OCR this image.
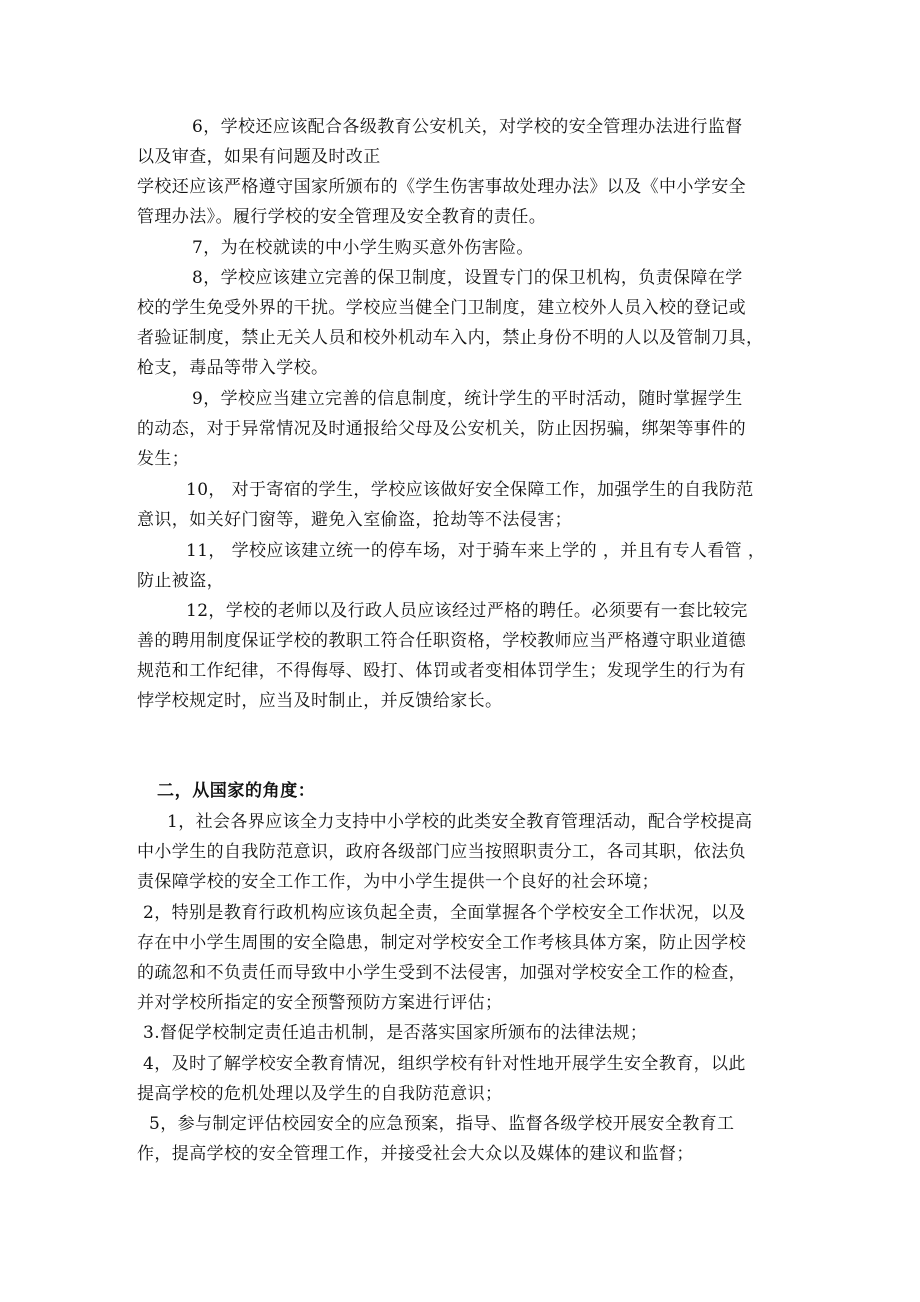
6，学校还应该配合各级教育公安机关，对学校的安全管理办法进行监督
以及审查，如果有问题及时改正
学校还应该严格遵守国家所颁布的《学生伤害事故处理办法》以及《中小学安全
管理办法》。履行学校的安全管理及安全教育的责任。
7，为在校就读的中小学生购买意外伤害险。
8，学校应该建立完善的保卫制度，设置专门的保卫机构，负责保障在学
校的学生免受外界的干扰。学校应当健全门卫制度，建立校外人员入校的登记或
者验证制度，禁止无关人员和校外机动车入内，禁止身份不明的人以及管制刀具，
枪支，毒品等带入学校。
9，学校应当建立完善的信息制度，统计学生的平时活动，随时掌握学生
的动态，对于异常情况及时通报给父母及公安机关，防止因拐骗，绑架等事件的
发生；
10， 对于寄宿的学生，学校应该做好安全保障工作，加强学生的自我防范
意识，如关好门窗等，避免入室偷盗，抢劫等不法侵害；
11， 学校应该建立统一的停车场，对于骑车来上学的 ，并且有专人看管 ，
防止被盗，
12，学校的老师以及行政人员应该经过严格的聘任。必须要有一套比较完
善的聘用制度保证学校的教职工符合任职资格，学校教师应当严格遵守职业道德
规范和工作纪律，不得侮辱、殴打、体罚或者变相体罚学生；发现学生的行为有
悖学校规定时，应当及时制止，并反馈给家长。
二，从国家的角度：
1，社会各界应该全力支持中小学校的此类安全教育管理活动，配合学校提高
中小学生的自我防范意识，政府各级部门应当按照职责分工，各司其职，依法负
责保障学校的安全工作工作，为中小学生提供一个良好的社会环境；
2，特别是教育行政机构应该负起全责，全面掌握各个学校安全工作状况，以及
存在中小学生周围的安全隐患，制定对学校安全工作考核具体方案，防止因学校
的疏忽和不负责任而导致中小学生受到不法侵害，加强对学校安全工作的检查，
并对学校所指定的安全预警预防方案进行评估；
3.督促学校制定责任追击机制，是否落实国家所颁布的法律法规；
4，及时了解学校安全教育情况，组织学校有针对性地开展学生安全教育，以此
提高学校的危机处理以及学生的自我防范意识；
5，参与制定评估校园安全的应急预案，指导、监督各级学校开展安全教育工
作，提高学校的安全管理工作，并接受社会大众以及媒体的建议和监督；
